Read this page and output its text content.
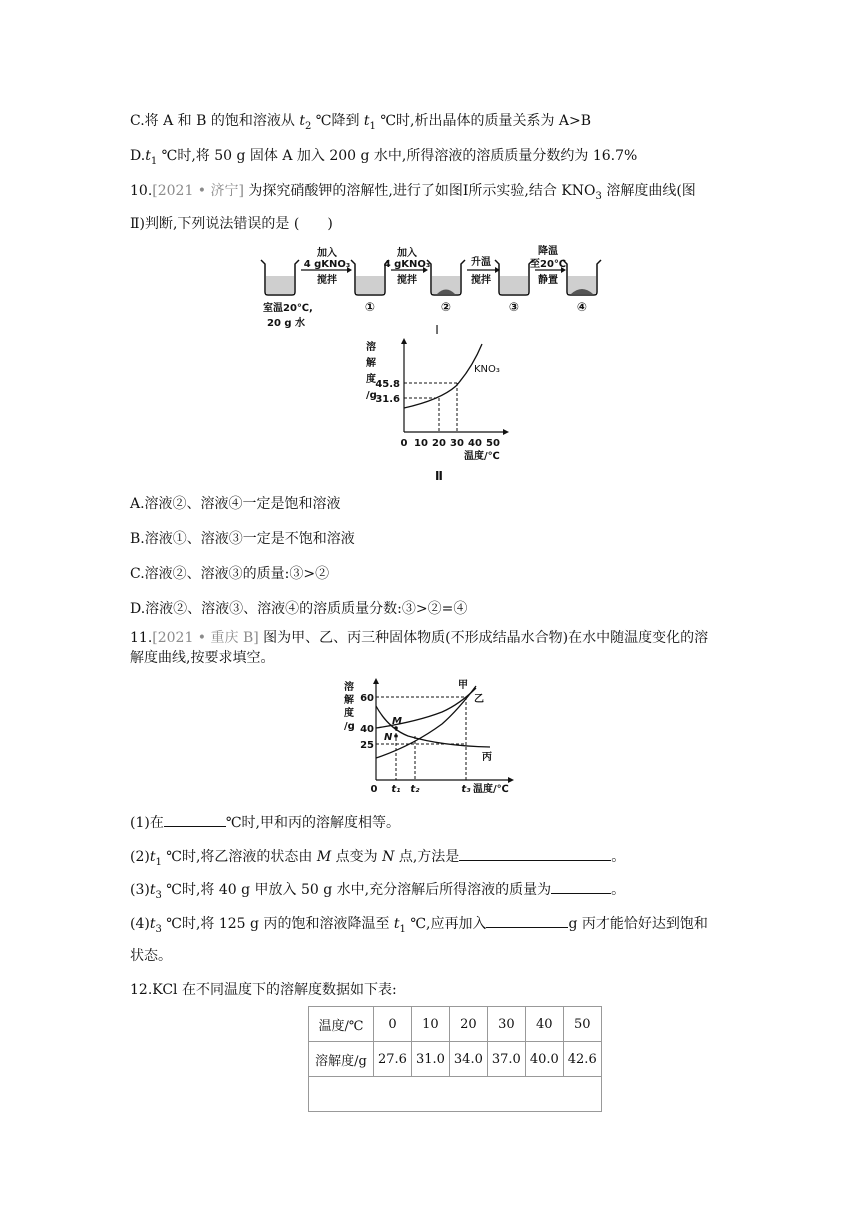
C.将 A 和 B 的饱和溶液从 $t_2$ ℃降到 $t_1$ ℃时,析出晶体的质量关系为 A>B
$D.t_1$ ℃时,将 50 g 固体 A 加入 200 g 水中,所得溶液的溶质质量分数约为 16.7%
10.[2021 • 济宁] 为探究硝酸钾的溶解性,进行了如图Ⅰ所示实验,结合 $KNO_3$ 溶解度曲线(图
Ⅱ)判断,下列说法错误的是 (　　)
加入
4 gKNO₃
搅拌
加入
4 gKNO₃
搅拌
升温
搅拌
降温
至20℃
静置
室温20℃,
20 g 水
①	②	③	④
Ⅰ
溶
解
度
/g
45.8
31.6
0 10 20 30 40 50
温度/℃
KNO₃
Ⅱ
A.溶液②、溶液④一定是饱和溶液
B.溶液①、溶液③一定是不饱和溶液
C.溶液②、溶液③的质量:③>②
D.溶液②、溶液③、溶液④的溶质质量分数:③>②=④
11.[2021 • 重庆 B] 图为甲、乙、丙三种固体物质(不形成结晶水合物)在水中随温度变化的溶
解度曲线,按要求填空。
溶
解
度
/g
60
40
25
0 t₁ t₂	t₃ 温度/℃
甲
乙
丙
M
N
(1)在	℃时,甲和丙的溶解度相等。
$(2)t_1$ ℃时,将乙溶液的状态由 M 点变为 N 点,方法是	。
$(3)t_3$ ℃时,将 40 g 甲放入 50 g 水中,充分溶解后所得溶液的质量为	。
$(4)t_3$ ℃时,将 125 g 丙的饱和溶液降温至 $t_1$ ℃,应再加入	g 丙才能恰好达到饱和
状态。
12.KCl 在不同温度下的溶解度数据如下表:
温度/℃	0	10	20	30	40	50
溶解度/g	27.6	31.0	34.0	37.0	40.0	42.6
